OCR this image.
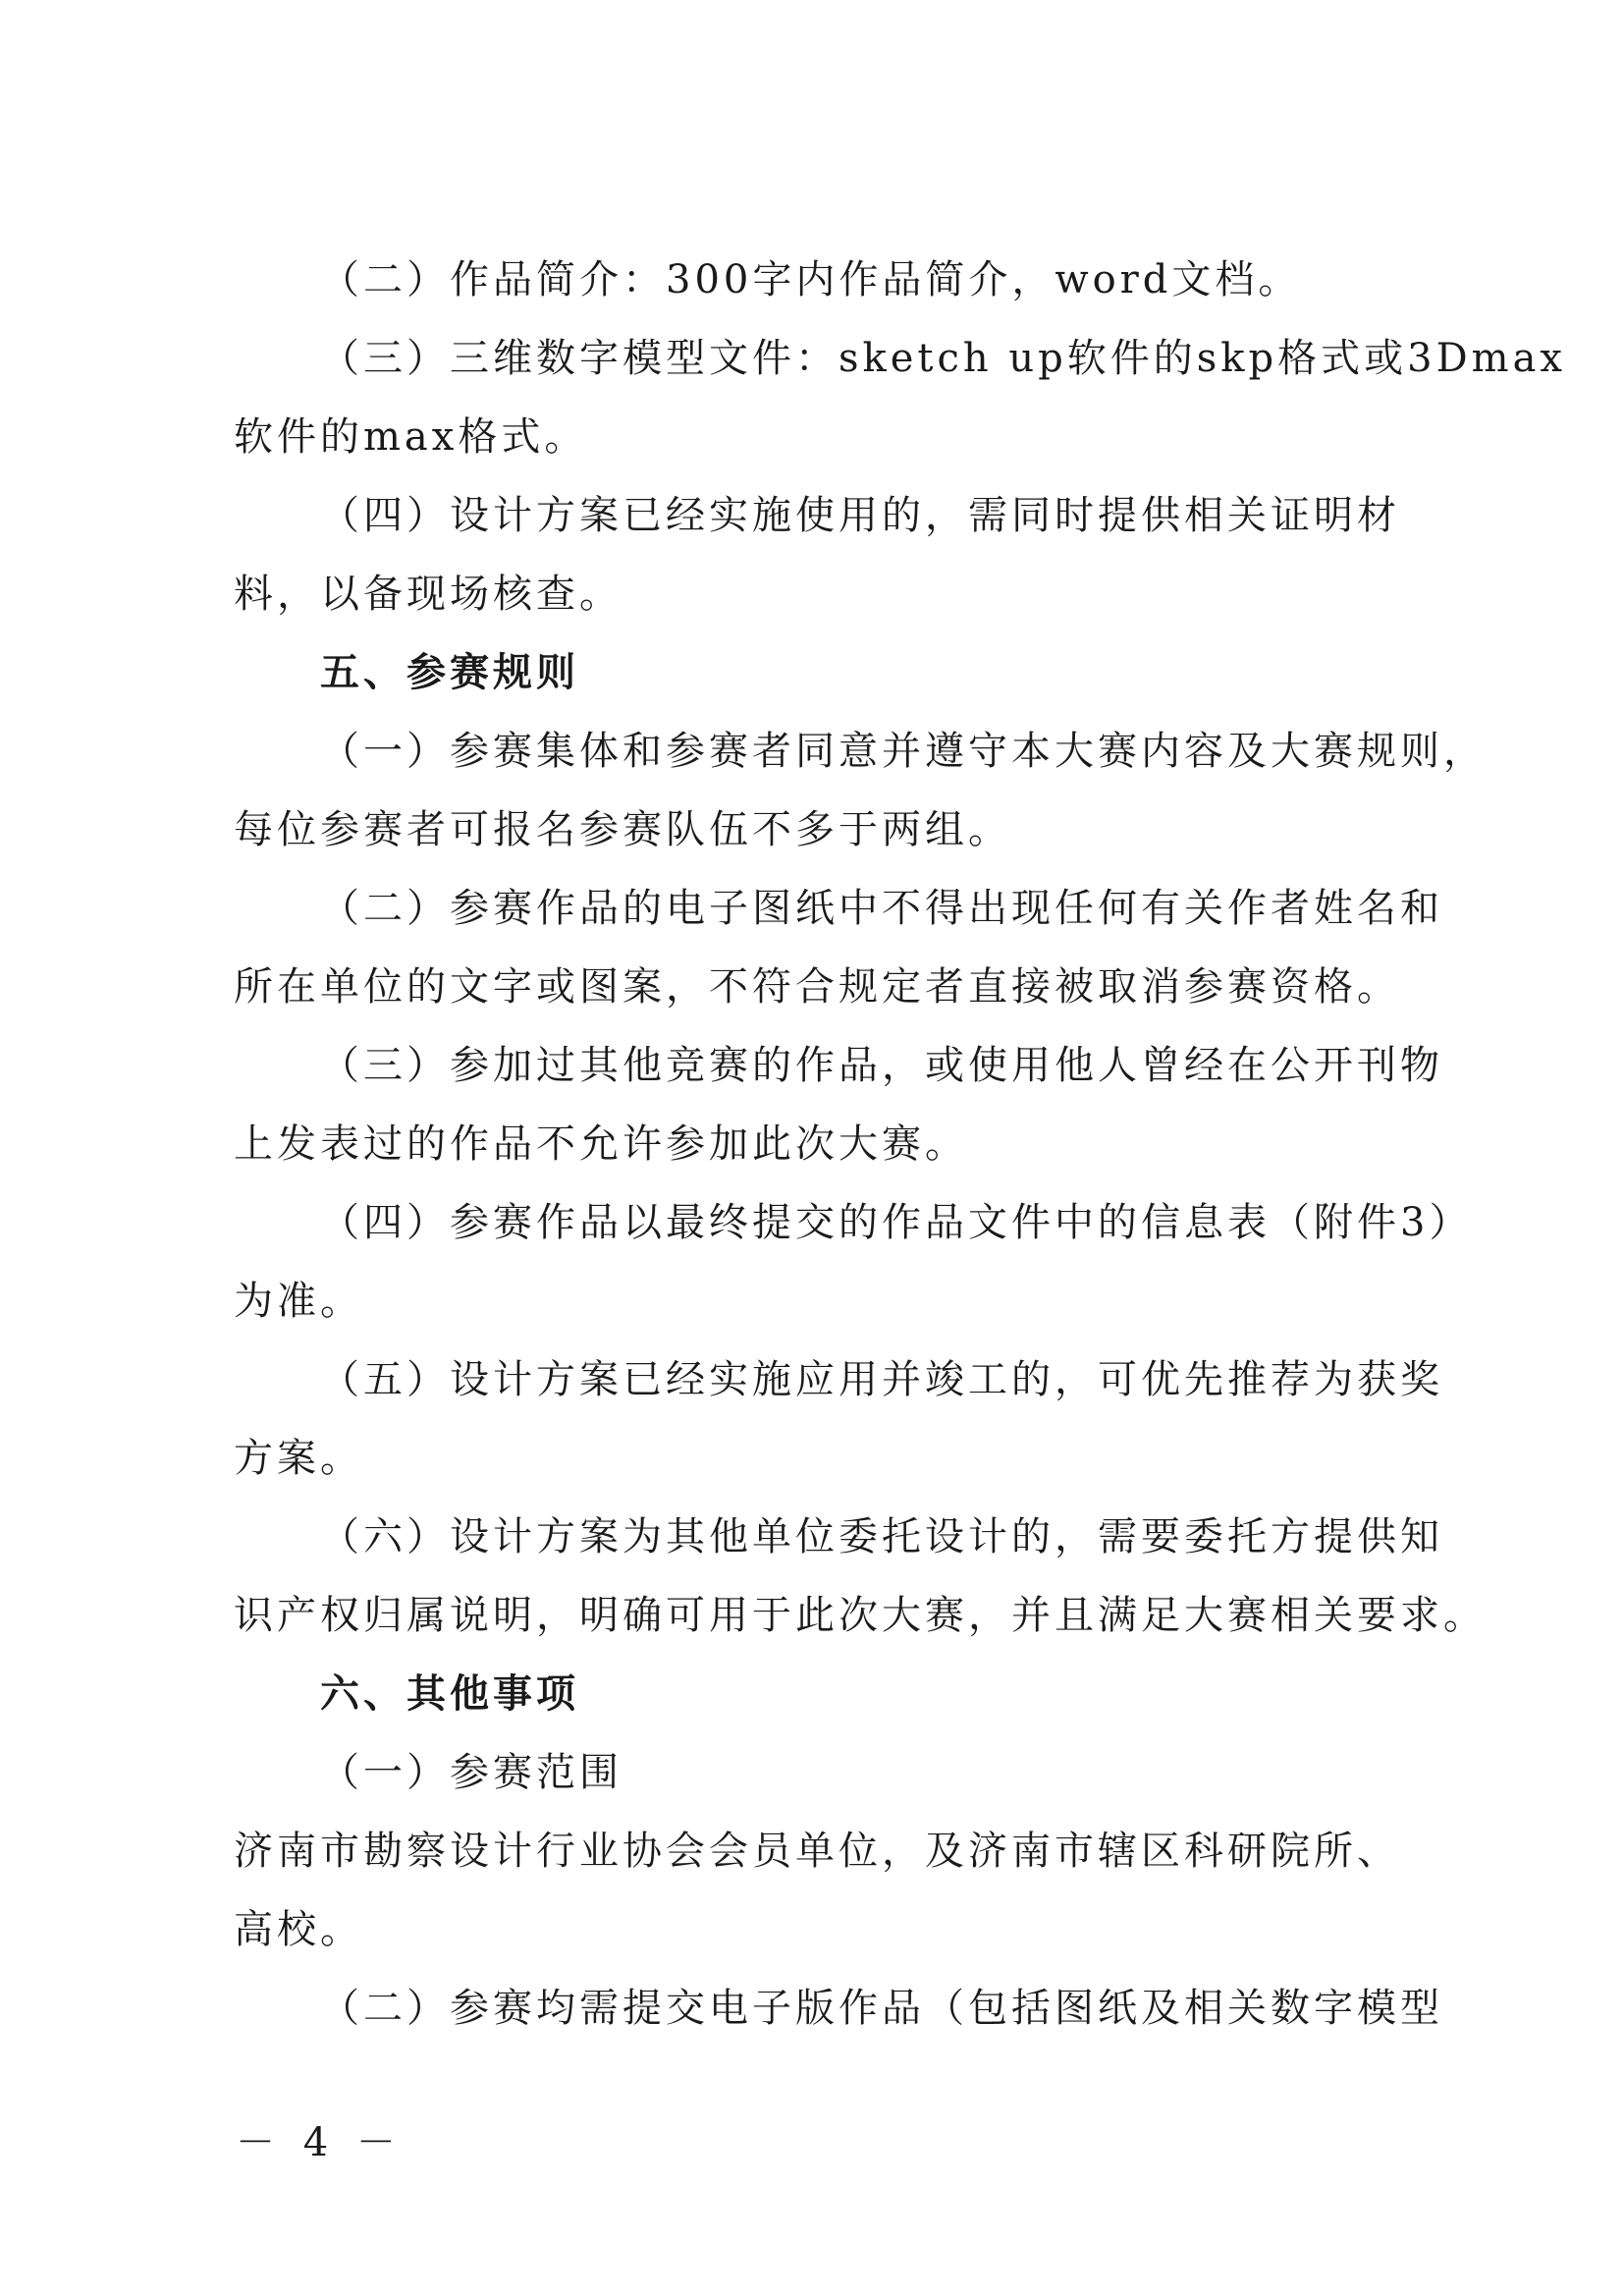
（二）作品简介：300字内作品简介，word文档。

（三）三维数字模型文件：sketch up软件的skp格式或3Dmax

软件的max格式。

（四）设计方案已经实施使用的，需同时提供相关证明材

料，以备现场核查。

五、参赛规则

（一）参赛集体和参赛者同意并遵守本大赛内容及大赛规则，

每位参赛者可报名参赛队伍不多于两组。

（二）参赛作品的电子图纸中不得出现任何有关作者姓名和

所在单位的文字或图案，不符合规定者直接被取消参赛资格。

（三）参加过其他竞赛的作品，或使用他人曾经在公开刊物

上发表过的作品不允许参加此次大赛。

（四）参赛作品以最终提交的作品文件中的信息表（附件3）

为准。

（五）设计方案已经实施应用并竣工的，可优先推荐为获奖

方案。

（六）设计方案为其他单位委托设计的，需要委托方提供知

识产权归属说明，明确可用于此次大赛，并且满足大赛相关要求。

六、其他事项

（一）参赛范围

济南市勘察设计行业协会会员单位，及济南市辖区科研院所、

高校。

（二）参赛均需提交电子版作品（包括图纸及相关数字模型

－ 4 －
